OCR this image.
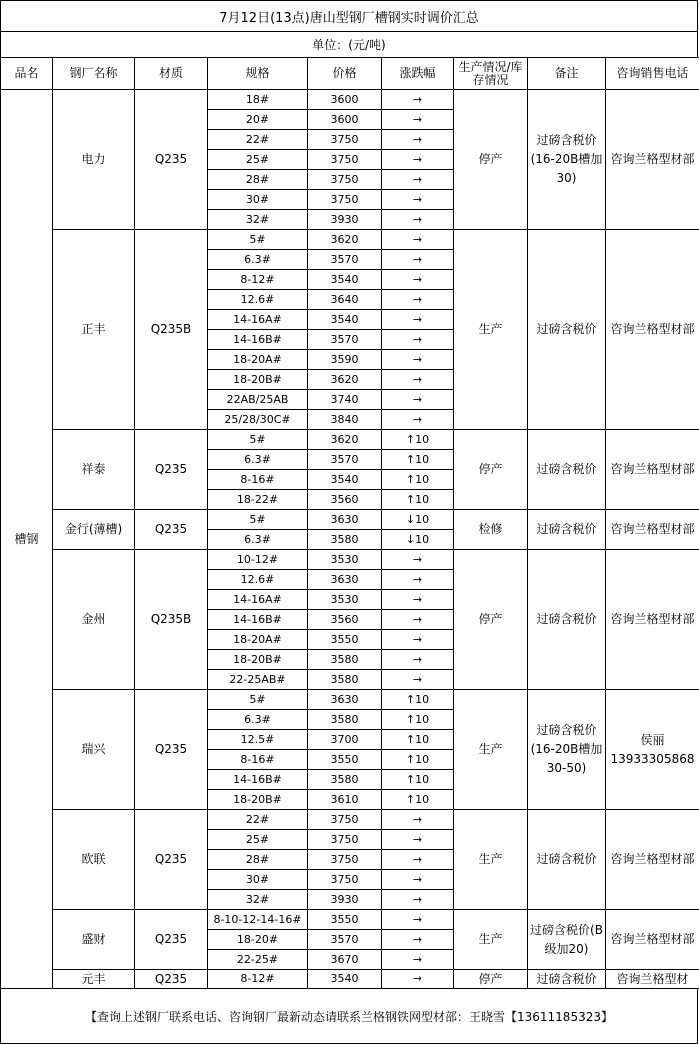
7月12日(13点)唐山型钢厂槽钢实时调价汇总
单位：(元/吨)
品名	钢厂名称	材质	规格	价格	涨跌幅	生产情况/库存情况	备注	咨询销售电话
槽钢	电力	Q235	18#	3600	→	停产	过磅含税价(16-20B槽加30)	咨询兰格型材部
			20#	3600	→			
			22#	3750	→			
			25#	3750	→			
			28#	3750	→			
			30#	3750	→			
			32#	3930	→			
	正丰	Q235B	5#	3620	→	生产	过磅含税价	咨询兰格型材部
			6.3#	3570	→			
			8-12#	3540	→			
			12.6#	3640	→			
			14-16A#	3540	→			
			14-16B#	3570	→			
			18-20A#	3590	→			
			18-20B#	3620	→			
			22AB/25AB	3740	→			
			25/28/30C#	3840	→			
	祥泰	Q235	5#	3620	↑10	停产	过磅含税价	咨询兰格型材部
			6.3#	3570	↑10			
			8-16#	3540	↑10			
			18-22#	3560	↑10			
	金行(薄槽)	Q235	5#	3630	↓10	检修	过磅含税价	咨询兰格型材部
			6.3#	3580	↓10			
	金州	Q235B	10-12#	3530	→	停产	过磅含税价	咨询兰格型材部
			12.6#	3630	→			
			14-16A#	3530	→			
			14-16B#	3560	→			
			18-20A#	3550	→			
			18-20B#	3580	→			
			22-25AB#	3580	→			
	瑞兴	Q235	5#	3630	↑10	生产	过磅含税价(16-20B槽加30-50)	侯丽 13933305868
			6.3#	3580	↑10			
			12.5#	3700	↑10			
			8-16#	3550	↑10			
			14-16B#	3580	↑10			
			18-20B#	3610	↑10			
	欧联	Q235	22#	3750	→	生产	过磅含税价	咨询兰格型材部
			25#	3750	→			
			28#	3750	→			
			30#	3750	→			
			32#	3930	→			
	盛财	Q235	8-10-12-14-16#	3550	→	生产	过磅含税价(B级加20)	咨询兰格型材部
			18-20#	3570	→			
			22-25#	3670	→			
	元丰	Q235	8-12#	3540	→	停产	过磅含税价	咨询兰格型材
【查询上述钢厂联系电话、咨询钢厂最新动态请联系兰格钢铁网型材部：王晓雪【13611185323】
